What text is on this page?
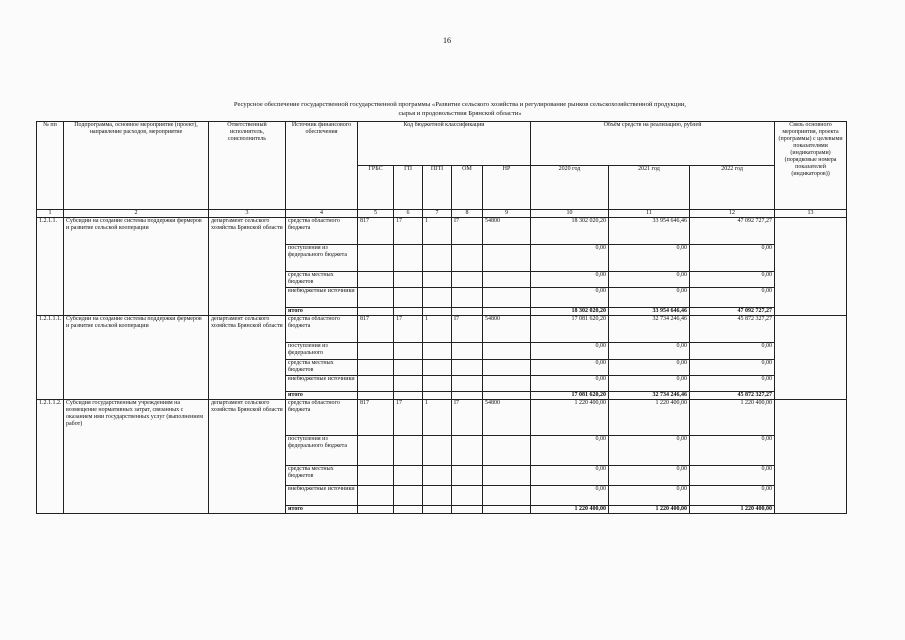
16
Ресурсное обеспечение государственной государственной программы «Развитие сельского хозяйства и регулирование рынков сельскохозяйственной продукции,
сырья и продовольствия Брянской области»
№ пп	Подпрограмма, основное мероприятие (проект), направление расходов, мероприятие	Ответственный исполнитель, соисполнитель	Источник финансового обеспечения	Код бюджетной классификации					Объём средств на реализацию, рублей			Связь основного мероприятия, проекта (программы) с целевыми показателями (индикаторами) (порядковые номера показателей (индикаторов))
				ГРБС	ГП	ПГП	ОМ	НР	2020 год	2021 год	2022 год	
1	2	3	4	5	6	7	8	9	10	11	12	13
1.2.1.1.	Субсидии на создание системы поддержки фермеров и развитие сельской кооперации	департамент сельского хозяйства Брянской области	средства областного бюджета	817	17	1	I7	54800	18 302 020,20	33 954 646,46	47 092 727,27	
			поступления из федерального бюджета						0,00	0,00	0,00	
			средства местных бюджетов						0,00	0,00	0,00	
			внебюджетные источники						0,00	0,00	0,00	
			итого						18 302 020,20	33 954 646,46	47 092 727,27	
1.2.1.1.1.	Субсидии на создание системы поддержки фермеров и развитие сельской кооперации	департамент сельского хозяйства Брянской области	средства областного бюджета	817	17	1	I7	54800	17 081 620,20	32 734 246,46	45 872 327,27	
			поступления из федерального						0,00	0,00	0,00	
			средства местных бюджетов						0,00	0,00	0,00	
			внебюджетные источники						0,00	0,00	0,00	
			итого						17 081 620,20	32 734 246,46	45 872 327,27	
1.2.1.1.2.	Субсидия государственным учреждениям на возмещение нормативных затрат, связанных с оказанием ими государственных услуг (выполнением работ)	департамент сельского хозяйства Брянской области	средства областного бюджета	817	17	1	I7	54800	1 220 400,00	1 220 400,00	1 220 400,00	
			поступления из федерального бюджета						0,00	0,00	0,00	
			средства местных бюджетов						0,00	0,00	0,00	
			внебюджетные источники						0,00	0,00	0,00	
			итого						1 220 400,00	1 220 400,00	1 220 400,00	
